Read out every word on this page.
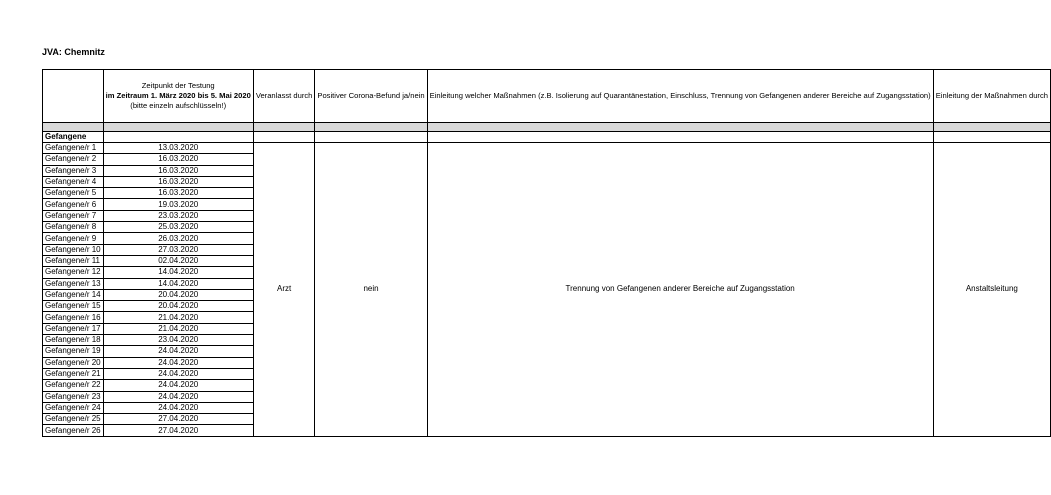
JVA: Chemnitz
	Zeitpunkt der Testung
im Zeitraum 1. März 2020 bis 5. Mai 2020
(bitte einzeln aufschlüsseln!)	Veranlasst durch	Positiver Corona-Befund ja/nein	Einleitung welcher Maßnahmen (z.B. Isolierung auf Quarantänestation, Einschluss, Trennung von Gefangenen anderer Bereiche auf Zugangsstation)	Einleitung der Maßnahmen durch

Gefangene					
Gefangene/r 1	13.03.2020	Arzt	nein	Trennung von Gefangenen anderer Bereiche auf Zugangsstation	Anstaltsleitung
Gefangene/r 2	16.03.2020				
Gefangene/r 3	16.03.2020				
Gefangene/r 4	16.03.2020				
Gefangene/r 5	16.03.2020				
Gefangene/r 6	19.03.2020				
Gefangene/r 7	23.03.2020				
Gefangene/r 8	25.03.2020				
Gefangene/r 9	26.03.2020				
Gefangene/r 10	27.03.2020				
Gefangene/r 11	02.04.2020				
Gefangene/r 12	14.04.2020				
Gefangene/r 13	14.04.2020				
Gefangene/r 14	20.04.2020				
Gefangene/r 15	20.04.2020				
Gefangene/r 16	21.04.2020				
Gefangene/r 17	21.04.2020				
Gefangene/r 18	23.04.2020				
Gefangene/r 19	24.04.2020				
Gefangene/r 20	24.04.2020				
Gefangene/r 21	24.04.2020				
Gefangene/r 22	24.04.2020				
Gefangene/r 23	24.04.2020				
Gefangene/r 24	24.04.2020				
Gefangene/r 25	27.04.2020				
Gefangene/r 26	27.04.2020				
